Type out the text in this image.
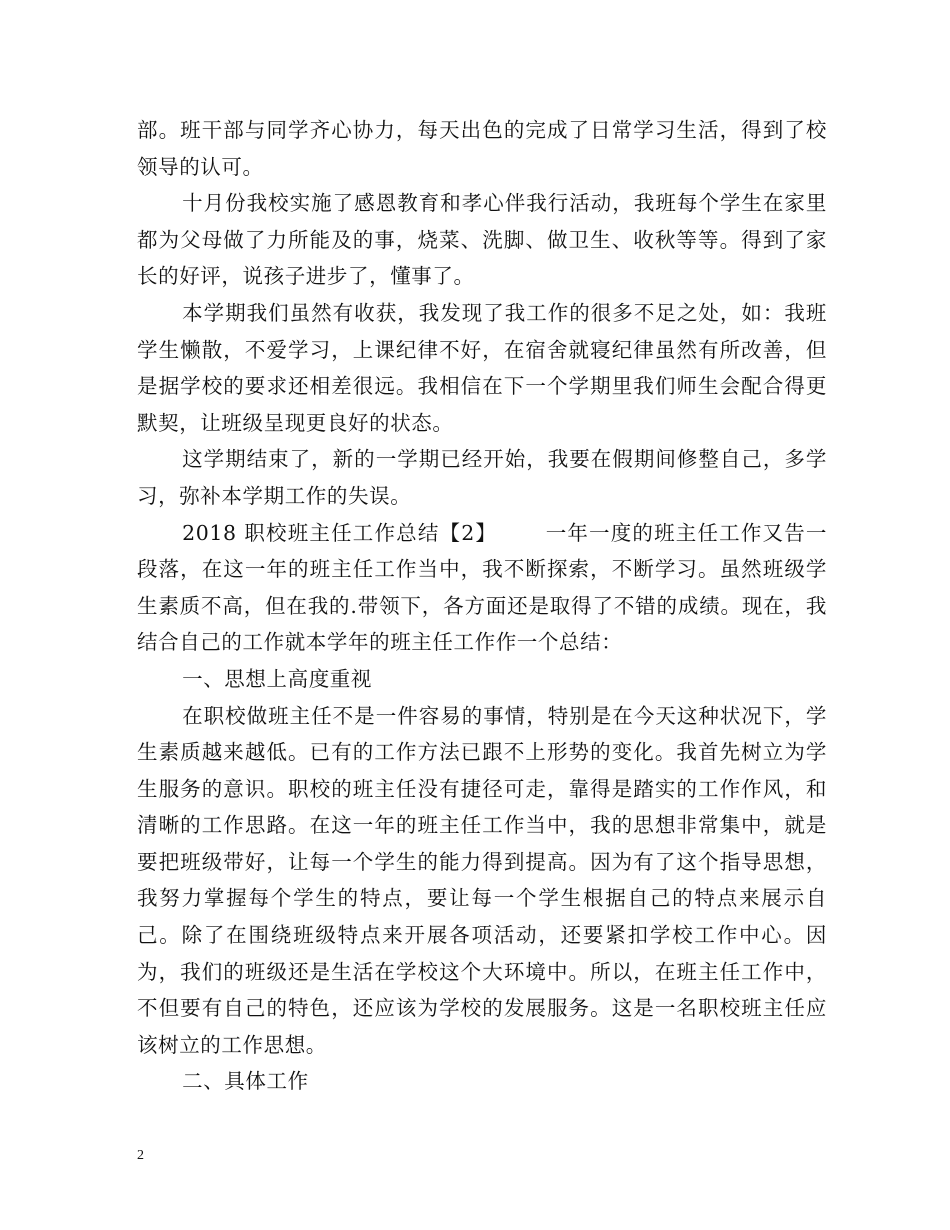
部。班干部与同学齐心协力，每天出色的完成了日常学习生活，得到了校领导的认可。

十月份我校实施了感恩教育和孝心伴我行活动，我班每个学生在家里都为父母做了力所能及的事，烧菜、洗脚、做卫生、收秋等等。得到了家长的好评，说孩子进步了，懂事了。

本学期我们虽然有收获，我发现了我工作的很多不足之处，如：我班学生懒散，不爱学习，上课纪律不好，在宿舍就寝纪律虽然有所改善，但是据学校的要求还相差很远。我相信在下一个学期里我们师生会配合得更默契，让班级呈现更良好的状态。

这学期结束了，新的一学期已经开始，我要在假期间修整自己，多学习，弥补本学期工作的失误。

2018 职校班主任工作总结【2】 一年一度的班主任工作又告一段落，在这一年的班主任工作当中，我不断探索，不断学习。虽然班级学生素质不高，但在我的.带领下，各方面还是取得了不错的成绩。现在，我结合自己的工作就本学年的班主任工作作一个总结：

一、思想上高度重视

在职校做班主任不是一件容易的事情，特别是在今天这种状况下，学生素质越来越低。已有的工作方法已跟不上形势的变化。我首先树立为学生服务的意识。职校的班主任没有捷径可走，靠得是踏实的工作作风，和清晰的工作思路。在这一年的班主任工作当中，我的思想非常集中，就是要把班级带好，让每一个学生的能力得到提高。因为有了这个指导思想，我努力掌握每个学生的特点，要让每一个学生根据自己的特点来展示自己。除了在围绕班级特点来开展各项活动，还要紧扣学校工作中心。因为，我们的班级还是生活在学校这个大环境中。所以，在班主任工作中，不但要有自己的特色，还应该为学校的发展服务。这是一名职校班主任应该树立的工作思想。

二、具体工作

2
